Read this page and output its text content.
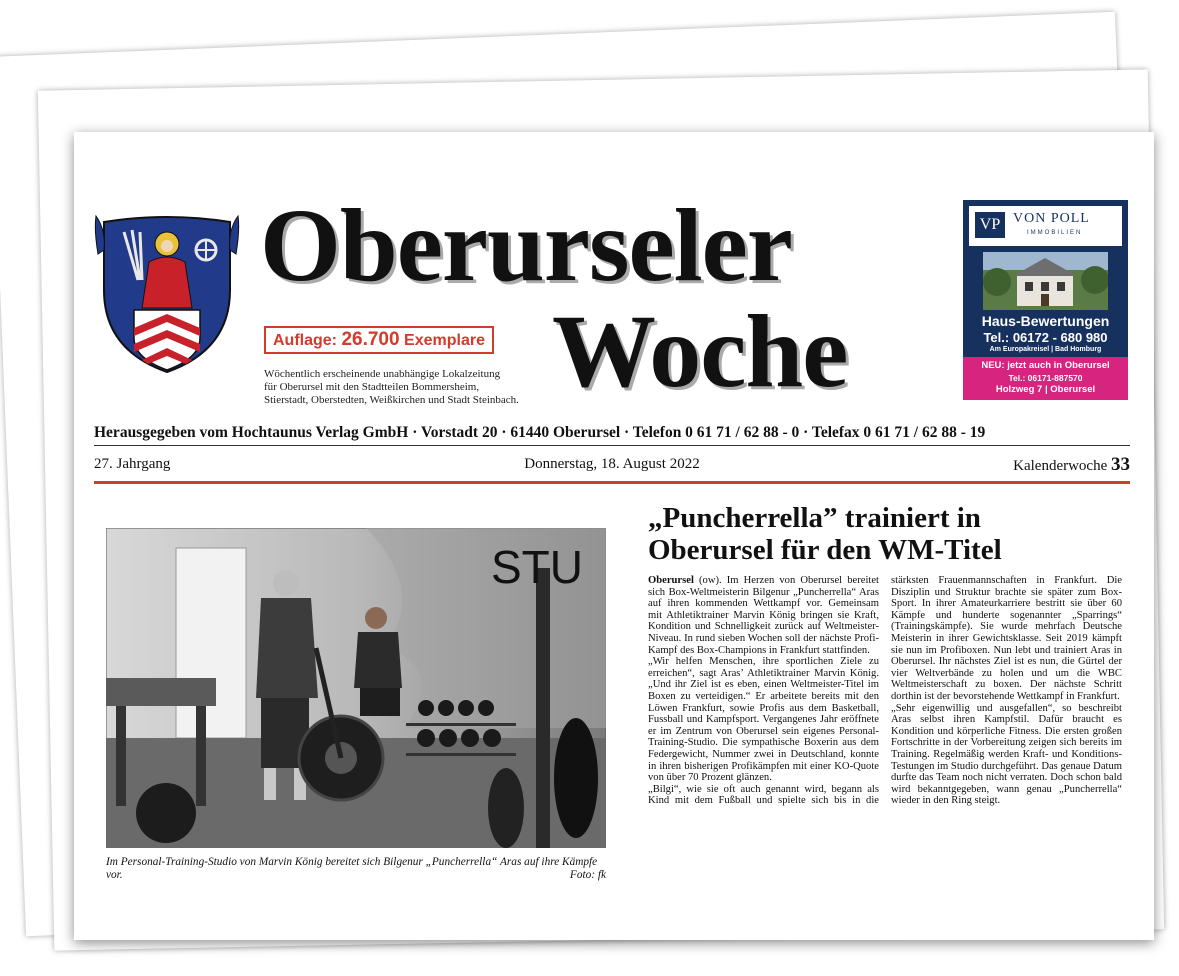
Oberurseler
Woche
Auflage: 26.700 Exemplare
Wöchentlich erscheinende unabhängige Lokalzeitung
für Oberursel mit den Stadtteilen Bommersheim,
Stierstadt, Oberstedten, Weißkirchen und Stadt Steinbach.
VP VON POLL
IMMOBILIEN
Haus-Bewertungen
Tel.: 06172 - 680 980
Am Europakreisel | Bad Homburg
NEU: jetzt auch in Oberursel
Tel.: 06171-887570
Holzweg 7 | Oberursel
Herausgegeben vom Hochtaunus Verlag GmbH · Vorstadt 20 · 61440 Oberursel · Telefon 0 61 71 / 62 88 - 0 · Telefax 0 61 71 / 62 88 - 19
27. Jahrgang	Donnerstag, 18. August 2022	Kalenderwoche 33
STU
Im Personal-Training-Studio von Marvin König bereitet sich Bilgenur „Puncherrella“ Aras auf ihre Kämpfe vor.	Foto: fk
„Puncherrella” trainiert in Oberursel für den WM-Titel

Oberursel (ow). Im Herzen von Oberursel bereitet sich Box-Weltmeisterin Bilgenur „Puncherrella“ Aras auf ihren kommenden Wettkampf vor. Gemeinsam mit Athletiktrainer Marvin König bringen sie Kraft, Kondition und Schnelligkeit zurück auf Weltmeister-Niveau. In rund sieben Wochen soll der nächste Profi-Kampf des Box-Champions in Frankfurt stattfinden.

„Wir helfen Menschen, ihre sportlichen Ziele zu erreichen“, sagt Aras’ Athletiktrainer Marvin König. „Und ihr Ziel ist es eben, einen Weltmeister-Titel im Boxen zu verteidigen.“ Er arbeitete bereits mit den Löwen Frankfurt, sowie Profis aus dem Basketball, Fussball und Kampfsport. Vergangenes Jahr eröffnete er im Zentrum von Oberursel sein eigenes Personal-Training-Studio. Die sympathische Boxerin aus dem Federgewicht, Nummer zwei in Deutschland, konnte in ihren bisherigen Profikämpfen mit einer KO-Quote von über 70 Prozent glänzen.

„Bilgi“, wie sie oft auch genannt wird, begann als Kind mit dem Fußball und spielte sich bis in die stärksten Frauenmannschaften in Frankfurt. Die Disziplin und Struktur brachte sie später zum Box-Sport. In ihrer Amateurkarriere bestritt sie über 60 Kämpfe und hunderte sogenannter „Sparrings“ (Trainingskämpfe). Sie wurde mehrfach Deutsche Meisterin in ihrer Gewichtsklasse. Seit 2019 kämpft sie nun im Profiboxen. Nun lebt und trainiert Aras in Oberursel. Ihr nächstes Ziel ist es nun, die Gürtel der vier Weltverbände zu holen und um die WBC Weltmeisterschaft zu boxen. Der nächste Schritt dorthin ist der bevorstehende Wettkampf in Frankfurt.

„Sehr eigenwillig und ausgefallen“, so beschreibt Aras selbst ihren Kampfstil. Dafür braucht es Kondition und körperliche Fitness. Die ersten großen Fortschritte in der Vorbereitung zeigen sich bereits im Training. Regelmäßig werden Kraft- und Konditions-Testungen im Studio durchgeführt. Das genaue Datum durfte das Team noch nicht verraten. Doch schon bald wird bekanntgegeben, wann genau „Puncherrella“ wieder in den Ring steigt.
